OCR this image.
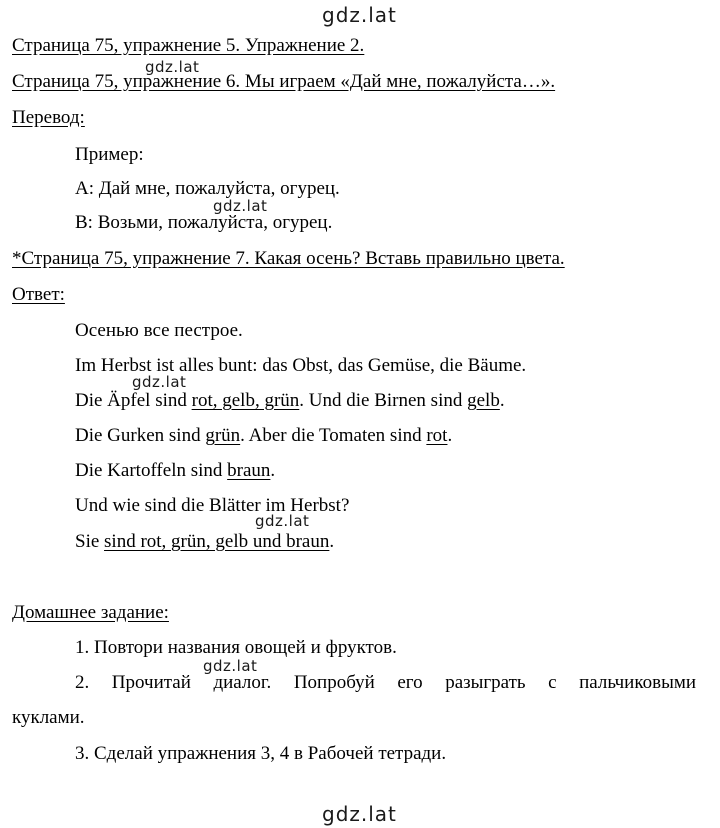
gdz.lat
gdz.lat
gdz.lat
gdz.lat
gdz.lat
gdz.lat
gdz.lat
Страница 75, упражнение 5. Упражнение 2.
Страница 75, упражнение 6. Мы играем «Дай мне, пожалуйста…».
Перевод:
Пример:
А: Дай мне, пожалуйста, огурец.
В: Возьми, пожалуйста, огурец.
*Страница 75, упражнение 7. Какая осень? Вставь правильно цвета.
Ответ:
Осенью все пестрое.
Im Herbst ist alles bunt: das Obst, das Gemüse, die Bäume.
Die Äpfel sind rot, gelb, grün. Und die Birnen sind gelb.
Die Gurken sind grün. Aber die Tomaten sind rot.
Die Kartoffeln sind braun.
Und wie sind die Blätter im Herbst?
Sie sind rot, grün, gelb und braun.
Домашнее задание:
1. Повтори названия овощей и фруктов.
2. Прочитай диалог. Попробуй его разыграть с пальчиковыми
куклами.
3. Сделай упражнения 3, 4 в Рабочей тетради.
